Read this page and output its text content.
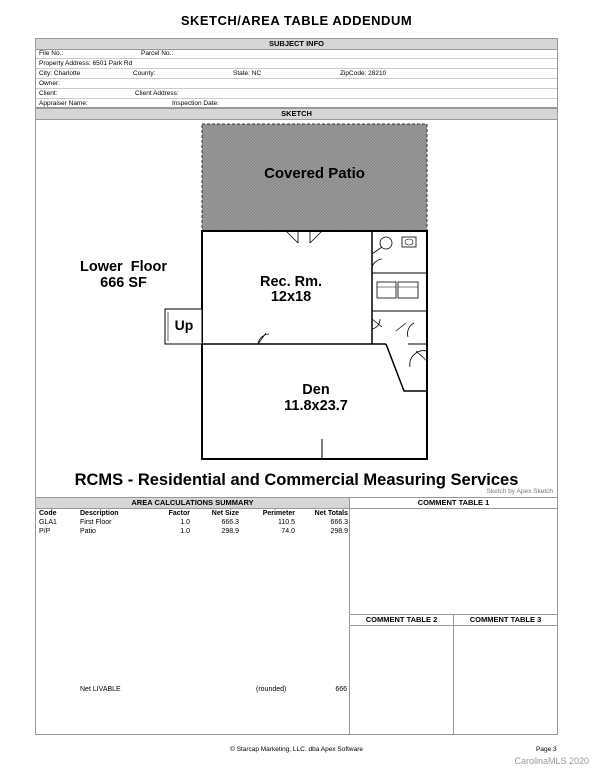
SKETCH/AREA TABLE ADDENDUM
SUBJECT INFO
File No.:	Parcel No.:
Property Address: 6501 Park Rd
City: Charlotte	County:	State: NC	ZipCode: 28210
Owner:
Client:	Client Address:
Appraiser Name:	Inspection Date:
SKETCH
Covered Patio
Lower  Floor
666 SF	Rec. Rm.
12x18
Up
Den
11.8x23.7
RCMS - Residential and Commercial Measuring Services
Sketch by Apex Sketch
AREA CALCULATIONS SUMMARY
Code	Description	Factor	Net Size	Perimeter	Net Totals
GLA1	First Floor	1.0	666.3	110.5	666.3
P/P	Patio	1.0	298.9	74.0	298.9
Net LIVABLE	(rounded)	666
COMMENT TABLE 1
COMMENT TABLE 2	COMMENT TABLE 3
© Starcap Marketing, LLC. dba Apex Software	Page 3
CarolinaMLS 2020
